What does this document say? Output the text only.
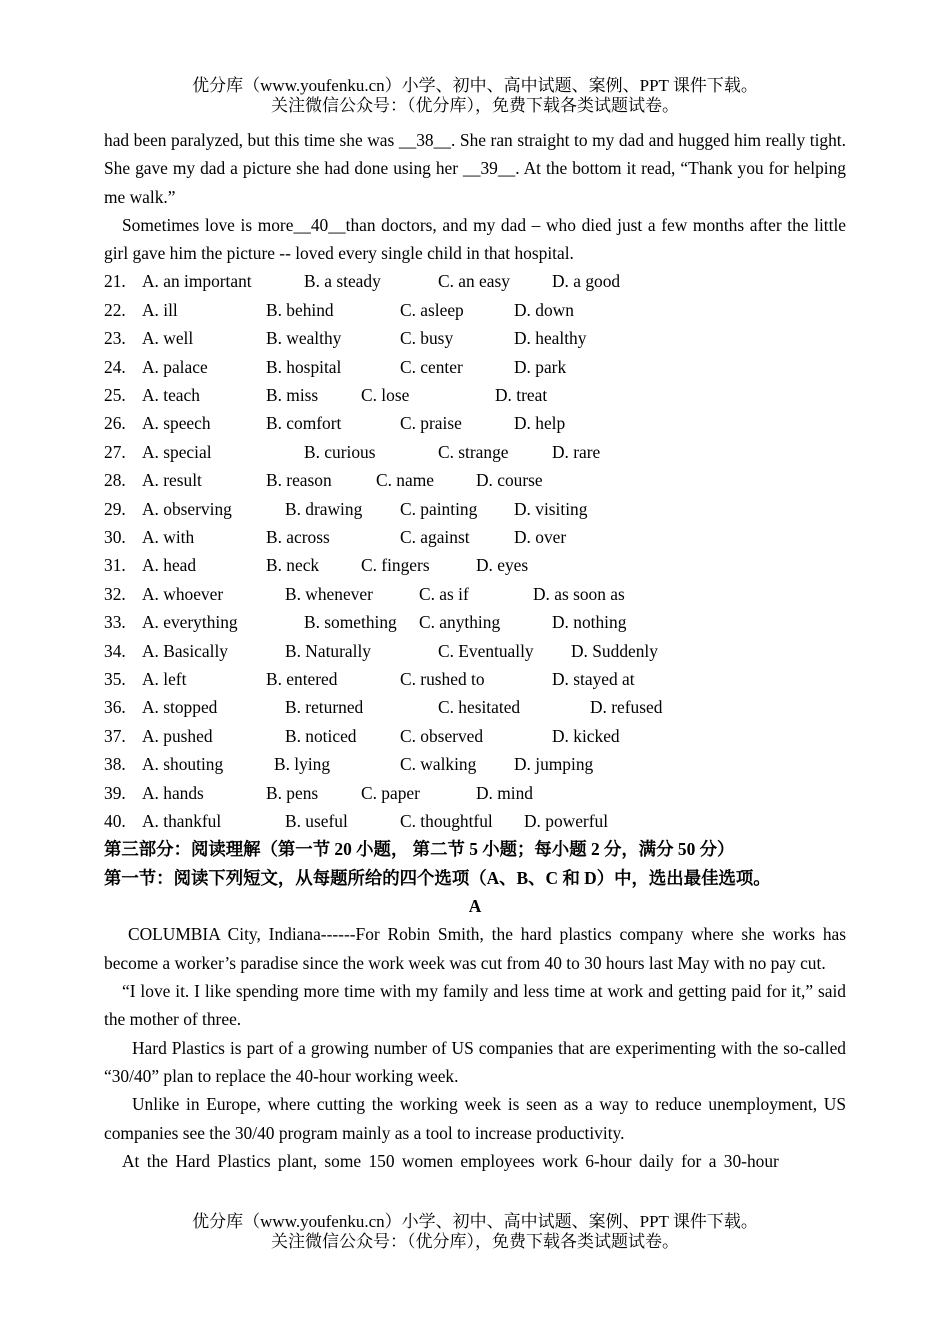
优分库（www.youfenku.cn）小学、初中、高中试题、案例、PPT 课件下载。
关注微信公众号：（优分库），免费下载各类试题试卷。

had been paralyzed, but this time she was __38__. She ran straight to my dad and hugged him really tight. She gave my dad a picture she had done using her __39__. At the bottom it read, “Thank you for helping me walk.”

Sometimes love is more__40__than doctors, and my dad – who died just a few months after the little girl gave him the picture -- loved every single child in that hospital.

21. A. an important	B. a steady	C. an easy D. a good
22. A. ill	B. behind	C. asleep	D. down
23. A. well	B. wealthy	C. busy	D. healthy
24. A. palace	B. hospital	C. center	D. park
25. A. teach	B. miss C. lose	D. treat
26. A. speech	B. comfort	C. praise	D. help
27. A. special	B. curious	C. strange D. rare
28. A. result	B. reason	C. name D. course
29. A. observing	B. drawing C. painting D. visiting
30. A. with	B. across	C. against	D. over
31. A. head	B. neck C. fingers	D. eyes
32. A. whoever	B. whenever	C. as if	D. as soon as
33. A. everything	B. something C. anything	D. nothing
34. A. Basically	B. Naturally	C. Eventually D. Suddenly
35. A. left	B. entered	C. rushed to	D. stayed at
36. A. stopped	B. returned	C. hesitated	D. refused
37. A. pushed	B. noticed	C. observed	D. kicked
38. A. shouting	B. lying	C. walking D. jumping
39. A. hands	B. pens C. paper	D. mind
40. A. thankful	B. useful	C. thoughtful D. powerful
第三部分：阅读理解（第一节 20 小题， 第二节 5 小题；每小题 2 分，满分 50 分）
第一节：阅读下列短文，从每题所给的四个选项（A、B、C 和 D）中，选出最佳选项。
A

COLUMBIA City, Indiana------For Robin Smith, the hard plastics company where she works has become a worker’s paradise since the work week was cut from 40 to 30 hours last May with no pay cut.

“I love it. I like spending more time with my family and less time at work and getting paid for it,” said the mother of three.

Hard Plastics is part of a growing number of US companies that are experimenting with the so-called “30/40” plan to replace the 40-hour working week.

Unlike in Europe, where cutting the working week is seen as a way to reduce unemployment, US companies see the 30/40 program mainly as a tool to increase productivity.

At the Hard Plastics plant, some 150 women employees work 6-hour daily for a 30-hour

优分库（www.youfenku.cn）小学、初中、高中试题、案例、PPT 课件下载。
关注微信公众号：（优分库），免费下载各类试题试卷。
